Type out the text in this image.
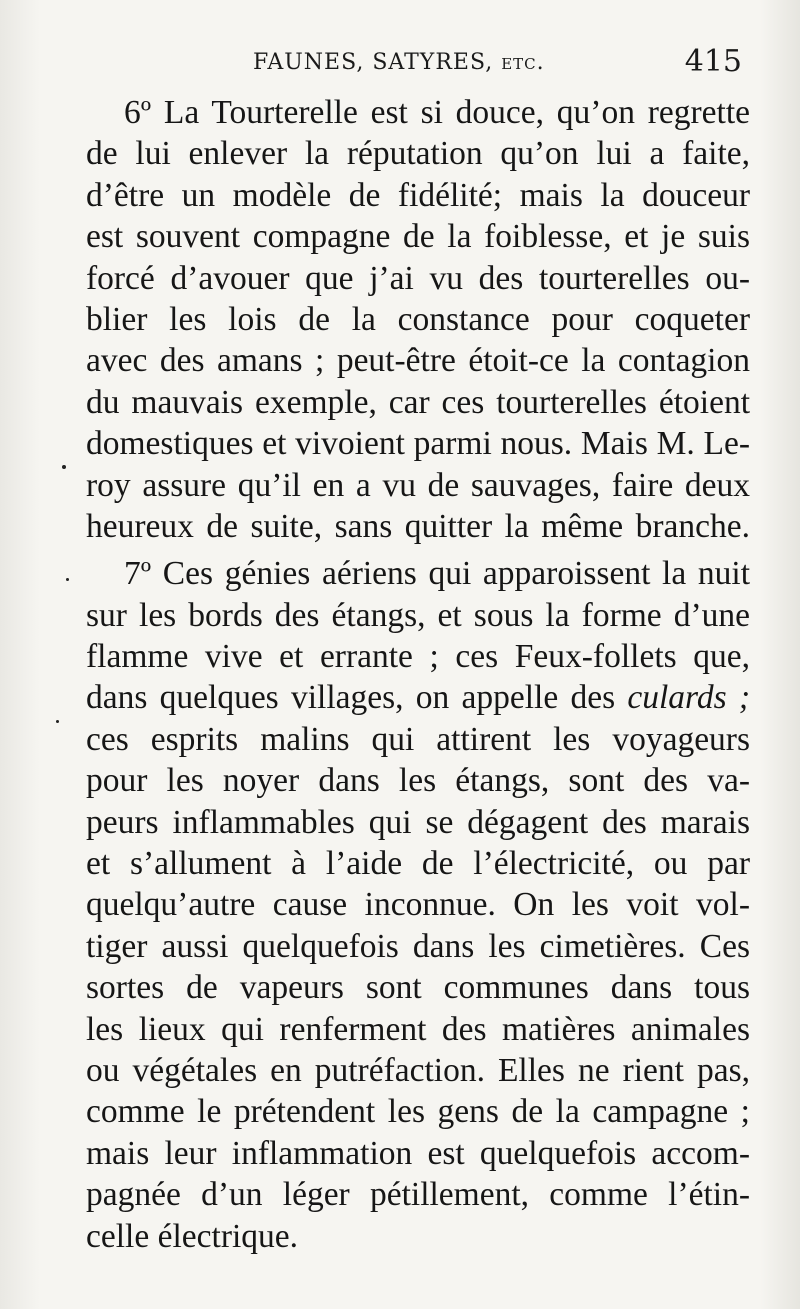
FAUNES, SATYRES, etc.	415
6º La Tourterelle est si douce, qu’on regrette
de lui enlever la réputation qu’on lui a faite,
d’être un modèle de fidélité; mais la douceur
est souvent compagne de la foiblesse, et je suis
forcé d’avouer que j’ai vu des tourterelles ou-
blier les lois de la constance pour coqueter
avec des amans ; peut-être étoit-ce la contagion
du mauvais exemple, car ces tourterelles étoient
domestiques et vivoient parmi nous. Mais M. Le-
roy assure qu’il en a vu de sauvages, faire deux
heureux de suite, sans quitter la même branche.
7º Ces génies aériens qui apparoissent la nuit
sur les bords des étangs, et sous la forme d’une
flamme vive et errante ; ces Feux-follets que,
dans quelques villages, on appelle des culards ;
ces esprits malins qui attirent les voyageurs
pour les noyer dans les étangs, sont des va-
peurs inflammables qui se dégagent des marais
et s’allument à l’aide de l’électricité, ou par
quelqu’autre cause inconnue. On les voit vol-
tiger aussi quelquefois dans les cimetières. Ces
sortes de vapeurs sont communes dans tous
les lieux qui renferment des matières animales
ou végétales en putréfaction. Elles ne rient pas,
comme le prétendent les gens de la campagne ;
mais leur inflammation est quelquefois accom-
pagnée d’un léger pétillement, comme l’étin-
celle électrique.
